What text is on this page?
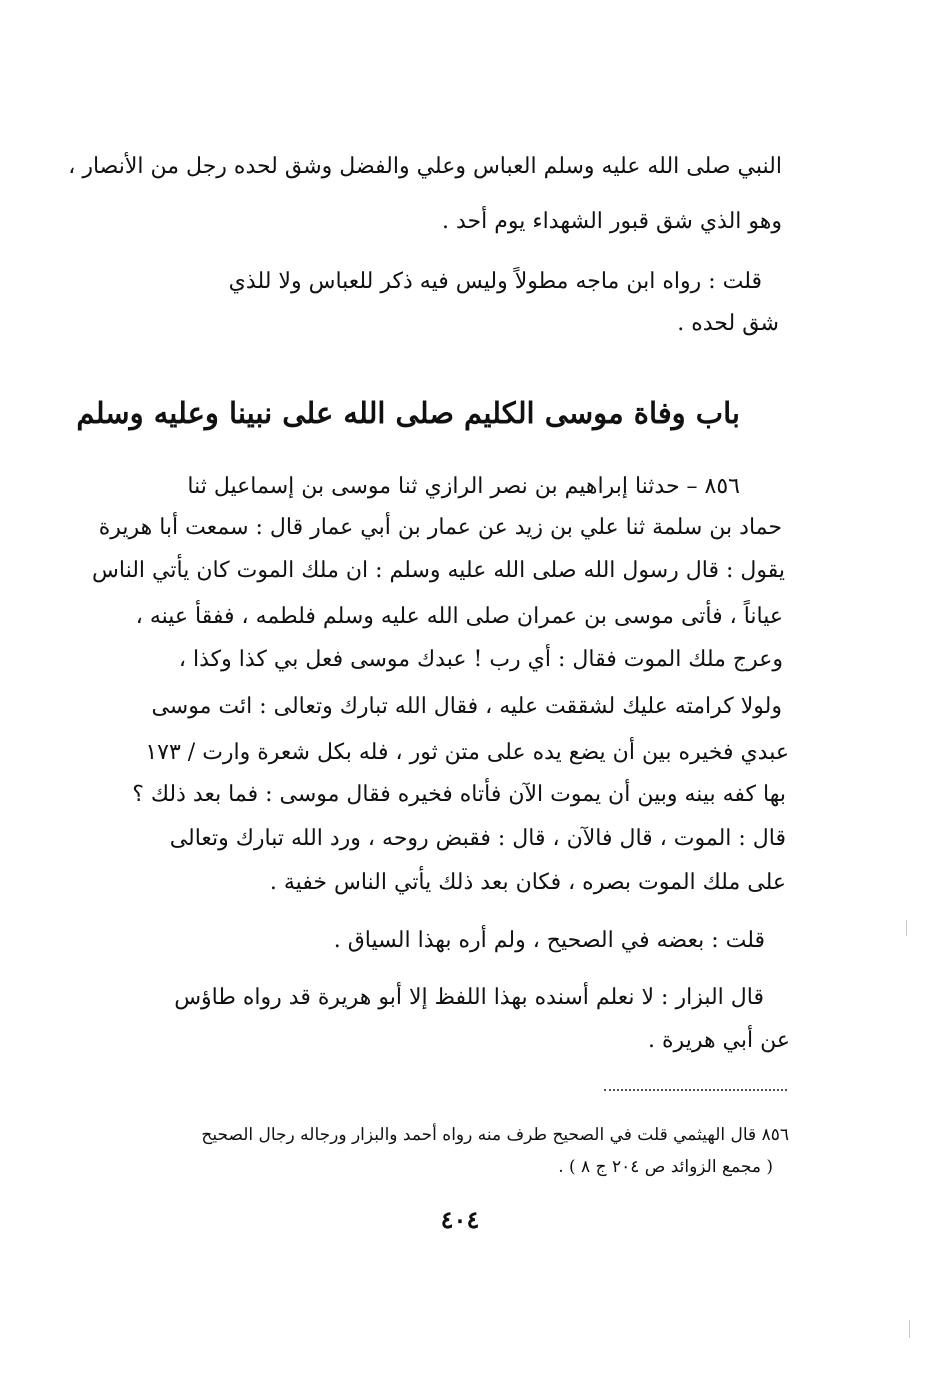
النبي صلى الله عليه وسلم العباس وعلي والفضل وشق لحده رجل من الأنصار ،
وهو الذي شق قبور الشهداء يوم أحد .
قلت : رواه ابن ماجه مطولاً وليس فيه ذكر للعباس ولا للذي
شق لحده .
باب وفاة موسى الكليم صلى الله على نبينا وعليه وسلم
٨٥٦ – حدثنا إبراهيم بن نصر الرازي ثنا موسى بن إسماعيل ثنا
حماد بن سلمة ثنا علي بن زيد عن عمار بن أبي عمار قال : سمعت أبا هريرة
يقول : قال رسول الله صلى الله عليه وسلم : ان ملك الموت كان يأتي الناس
عياناً ، فأتى موسى بن عمران صلى الله عليه وسلم فلطمه ، ففقأ عينه ،
وعرج ملك الموت فقال : أي رب ! عبدك موسى فعل بي كذا وكذا ،
ولولا كرامته عليك لشققت عليه ، فقال الله تبارك وتعالى : ائت موسى
عبدي فخيره بين أن يضع يده على متن ثور ، فله بكل شعرة وارت / ١٧٣
بها كفه بينه وبين أن يموت الآن فأتاه فخيره فقال موسى : فما بعد ذلك ؟
قال : الموت ، قال فالآن ، قال : فقبض روحه ، ورد الله تبارك وتعالى
على ملك الموت بصره ، فكان بعد ذلك يأتي الناس خفية .
قلت : بعضه في الصحيح ، ولم أره بهذا السياق .
قال البزار : لا نعلم أسنده بهذا اللفظ إلا أبو هريرة قد رواه طاؤس
عن أبي هريرة .
٨٥٦ قال الهيثمي قلت في الصحيح طرف منه رواه أحمد والبزار ورجاله رجال الصحيح
( مجمع الزوائد ص ٢٠٤ ج ٨ ) .
٤٠٤
